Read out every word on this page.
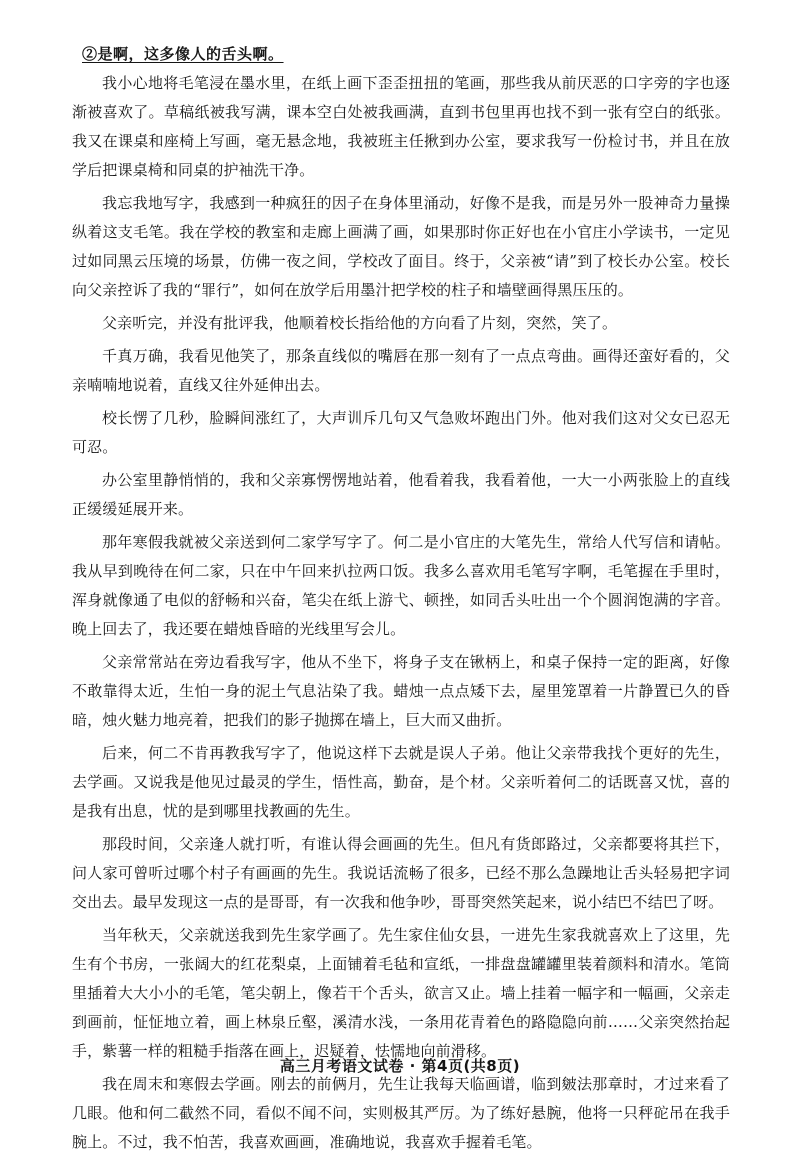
②是啊，这多像人的舌头啊。

我小心地将毛笔浸在墨水里，在纸上画下歪歪扭扭的笔画，那些我从前厌恶的口字旁的字也逐渐被喜欢了。草稿纸被我写满，课本空白处被我画满，直到书包里再也找不到一张有空白的纸张。我又在课桌和座椅上写画，毫无悬念地，我被班主任揪到办公室，要求我写一份检讨书，并且在放学后把课桌椅和同桌的护袖洗干净。

我忘我地写字，我感到一种疯狂的因子在身体里涌动，好像不是我，而是另外一股神奇力量操纵着这支毛笔。我在学校的教室和走廊上画满了画，如果那时你正好也在小官庄小学读书，一定见过如同黑云压境的场景，仿佛一夜之间，学校改了面目。终于，父亲被“请”到了校长办公室。校长向父亲控诉了我的“罪行”，如何在放学后用墨汁把学校的柱子和墙壁画得黑压压的。

父亲听完，并没有批评我，他顺着校长指给他的方向看了片刻，突然，笑了。

千真万确，我看见他笑了，那条直线似的嘴唇在那一刻有了一点点弯曲。画得还蛮好看的，父亲喃喃地说着，直线又往外延伸出去。

校长愣了几秒，脸瞬间涨红了，大声训斥几句又气急败坏跑出门外。他对我们这对父女已忍无可忍。

办公室里静悄悄的，我和父亲寡愣愣地站着，他看着我，我看着他，一大一小两张脸上的直线正缓缓延展开来。

那年寒假我就被父亲送到何二家学写字了。何二是小官庄的大笔先生，常给人代写信和请帖。我从早到晚待在何二家，只在中午回来扒拉两口饭。我多么喜欢用毛笔写字啊，毛笔握在手里时，浑身就像通了电似的舒畅和兴奋，笔尖在纸上游弋、顿挫，如同舌头吐出一个个圆润饱满的字音。晚上回去了，我还要在蜡烛昏暗的光线里写会儿。

父亲常常站在旁边看我写字，他从不坐下，将身子支在锹柄上，和桌子保持一定的距离，好像不敢靠得太近，生怕一身的泥土气息沾染了我。蜡烛一点点矮下去，屋里笼罩着一片静置已久的昏暗，烛火魅力地亮着，把我们的影子抛掷在墙上，巨大而又曲折。

后来，何二不肯再教我写字了，他说这样下去就是误人子弟。他让父亲带我找个更好的先生，去学画。又说我是他见过最灵的学生，悟性高，勤奋，是个材。父亲听着何二的话既喜又忧，喜的是我有出息，忧的是到哪里找教画的先生。

那段时间，父亲逢人就打听，有谁认得会画画的先生。但凡有货郎路过，父亲都要将其拦下，问人家可曾听过哪个村子有画画的先生。我说话流畅了很多，已经不那么急躁地让舌头轻易把字词交出去。最早发现这一点的是哥哥，有一次我和他争吵，哥哥突然笑起来，说小结巴不结巴了呀。

当年秋天，父亲就送我到先生家学画了。先生家住仙女县，一进先生家我就喜欢上了这里，先生有个书房，一张阔大的红花梨桌，上面铺着毛毡和宣纸，一排盘盘罐罐里装着颜料和清水。笔筒里插着大大小小的毛笔，笔尖朝上，像若干个舌头，欲言又止。墙上挂着一幅字和一幅画，父亲走到画前，怔怔地立着，画上林泉丘壑，溪清水浅，一条用花青着色的路隐隐向前……父亲突然抬起手，紫薯一样的粗糙手指落在画上，迟疑着，怯懦地向前滑移。

我在周末和寒假去学画。刚去的前俩月，先生让我每天临画谱，临到皴法那章时，才过来看了几眼。他和何二截然不同，看似不闻不问，实则极其严厉。为了练好悬腕，他将一只秤砣吊在我手腕上。不过，我不怕苦，我喜欢画画，准确地说，我喜欢手握着毛笔。

高三月考语文试卷 · 第4页(共8页)
